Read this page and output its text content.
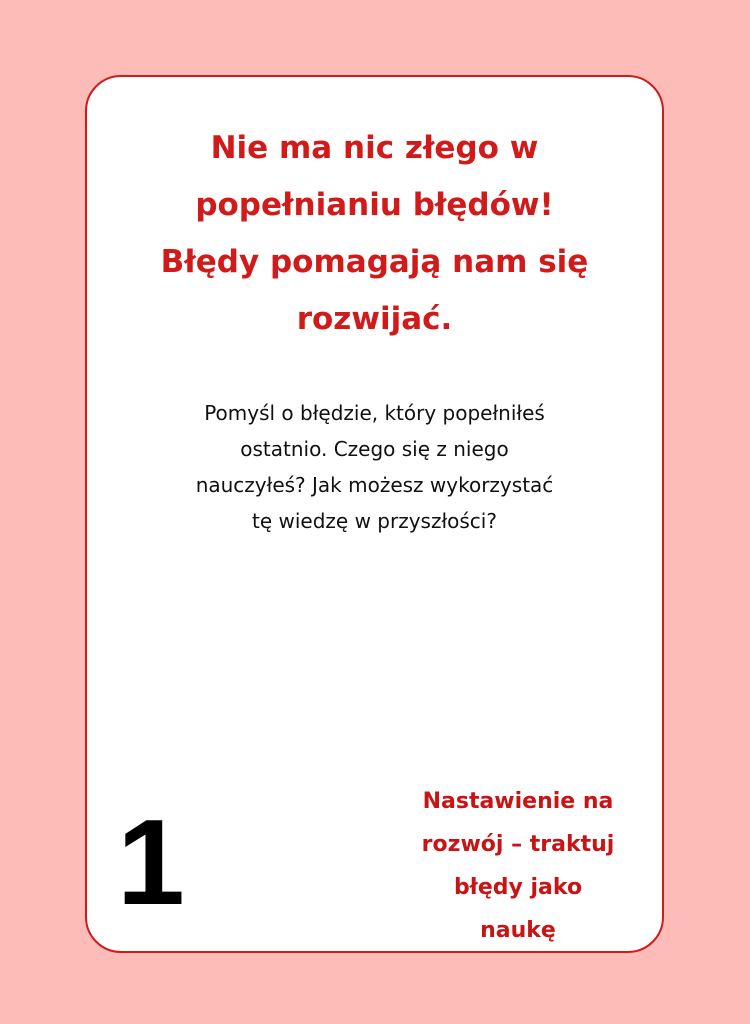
Nie ma nic złego w
popełnianiu błędów!
Błędy pomagają nam się
rozwijać.

Pomyśl o błędzie, który popełniłeś
ostatnio. Czego się z niego
nauczyłeś? Jak możesz wykorzystać
tę wiedzę w przyszłości?

1	Nastawienie na
rozwój – traktuj
błędy jako
naukę
